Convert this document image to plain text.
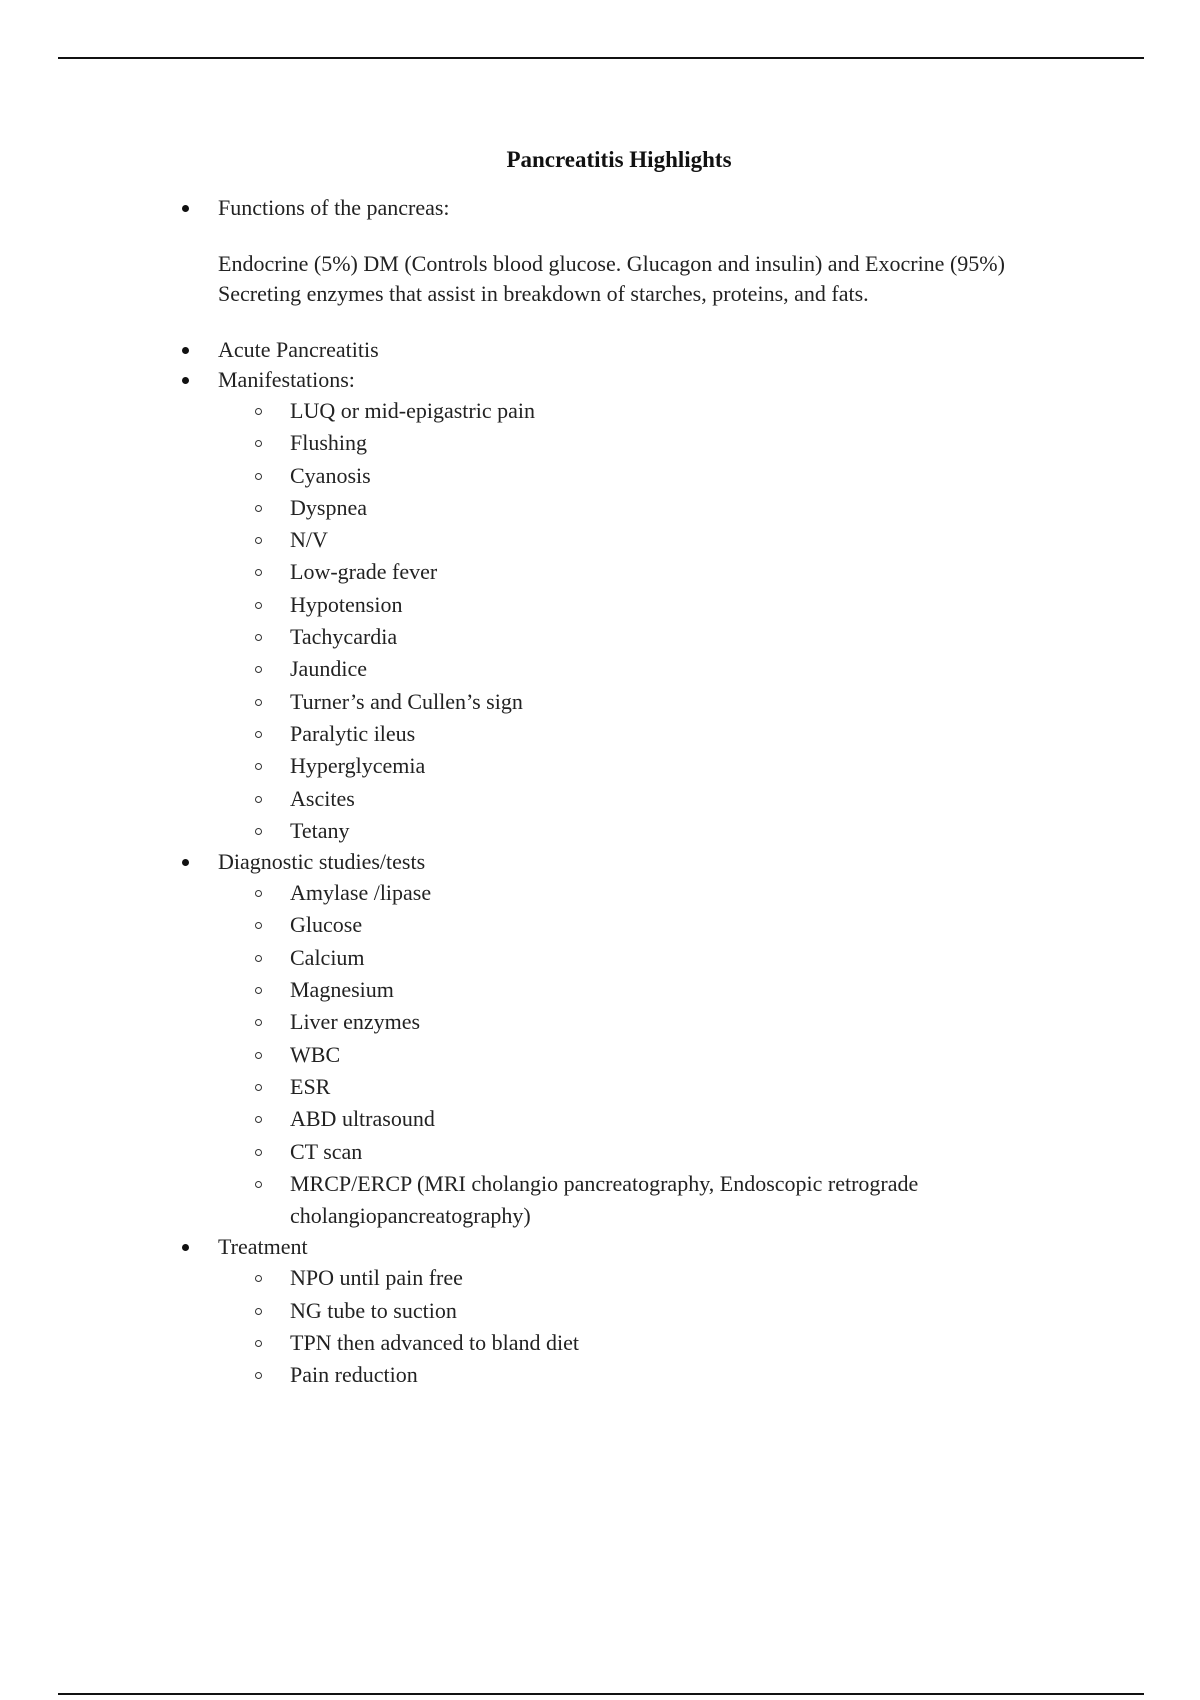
Pancreatitis Highlights
Functions of the pancreas:
Endocrine (5%) DM (Controls blood glucose. Glucagon and insulin) and Exocrine (95%)
Secreting enzymes that assist in breakdown of starches, proteins, and fats.
Acute Pancreatitis
Manifestations:
LUQ or mid-epigastric pain
Flushing
Cyanosis
Dyspnea
N/V
Low-grade fever
Hypotension
Tachycardia
Jaundice
Turner’s and Cullen’s sign
Paralytic ileus
Hyperglycemia
Ascites
Tetany
Diagnostic studies/tests
Amylase /lipase
Glucose
Calcium
Magnesium
Liver enzymes
WBC
ESR
ABD ultrasound
CT scan
MRCP/ERCP (MRI cholangio pancreatography, Endoscopic retrograde cholangiopancreatography)
Treatment
NPO until pain free
NG tube to suction
TPN then advanced to bland diet
Pain reduction
